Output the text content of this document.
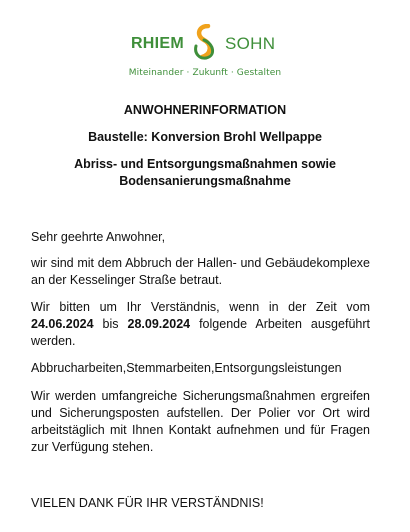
RHIEM SOHN
Miteinander · Zukunft · Gestalten
ANWOHNERINFORMATION
Baustelle: Konversion Brohl Wellpappe
Abriss- und Entsorgungsmaßnahmen sowie
Bodensanierungsmaßnahme
Sehr geehrte Anwohner,
wir sind mit dem Abbruch der Hallen- und Gebäudekomplexe an der Kesselinger Straße betraut.
Wir bitten um Ihr Verständnis, wenn in der Zeit vom 24.06.2024 bis 28.09.2024 folgende Arbeiten ausgeführt werden.
Abbrucharbeiten,Stemmarbeiten,Entsorgungsleistungen
Wir werden umfangreiche Sicherungsmaßnahmen ergreifen und Sicherungsposten aufstellen. Der Polier vor Ort wird arbeitstäglich mit Ihnen Kontakt aufnehmen und für Fragen zur Verfügung stehen.
VIELEN DANK FÜR IHR VERSTÄNDNIS!
